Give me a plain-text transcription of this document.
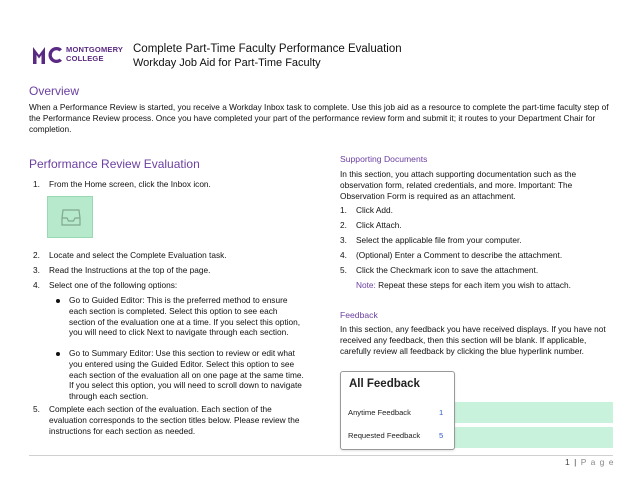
MONTGOMERY
COLLEGE
Complete Part-Time Faculty Performance Evaluation
Workday Job Aid for Part-Time Faculty
Overview

When a Performance Review is started, you receive a Workday Inbox task to complete. Use this job aid as a resource to complete the part-time faculty step of the Performance Review process. Once you have completed your part of the performance review form and submit it; it routes to your Department Chair for completion.

Performance Review Evaluation
1. From the Home screen, click the Inbox icon.
2. Locate and select the Complete Evaluation task.
3. Read the Instructions at the top of the page.
4. Select one of the following options:
Go to Guided Editor: This is the preferred method to ensure each section is completed. Select this option to see each section of the evaluation one at a time. If you select this option, you will need to click Next to navigate through each section.
Go to Summary Editor: Use this section to review or edit what you entered using the Guided Editor. Select this option to see each section of the evaluation all on one page at the same time. If you select this option, you will need to scroll down to navigate through each section.
5. Complete each section of the evaluation. Each section of the evaluation corresponds to the section titles below. Please review the instructions for each section as needed.
Supporting Documents

In this section, you attach supporting documentation such as the observation form, related credentials, and more. Important: The Observation Form is required as an attachment.

1. Click Add.
2. Click Attach.
3. Select the applicable file from your computer.
4. (Optional) Enter a Comment to describe the attachment.
5. Click the Checkmark icon to save the attachment.
Note: Repeat these steps for each item you wish to attach.
Feedback

In this section, any feedback you have received displays. If you have not received any feedback, then this section will be blank. If applicable, carefully review all feedback by clicking the blue hyperlink number.

All Feedback
Anytime Feedback	1
Requested Feedback 5
1 | P a g e
